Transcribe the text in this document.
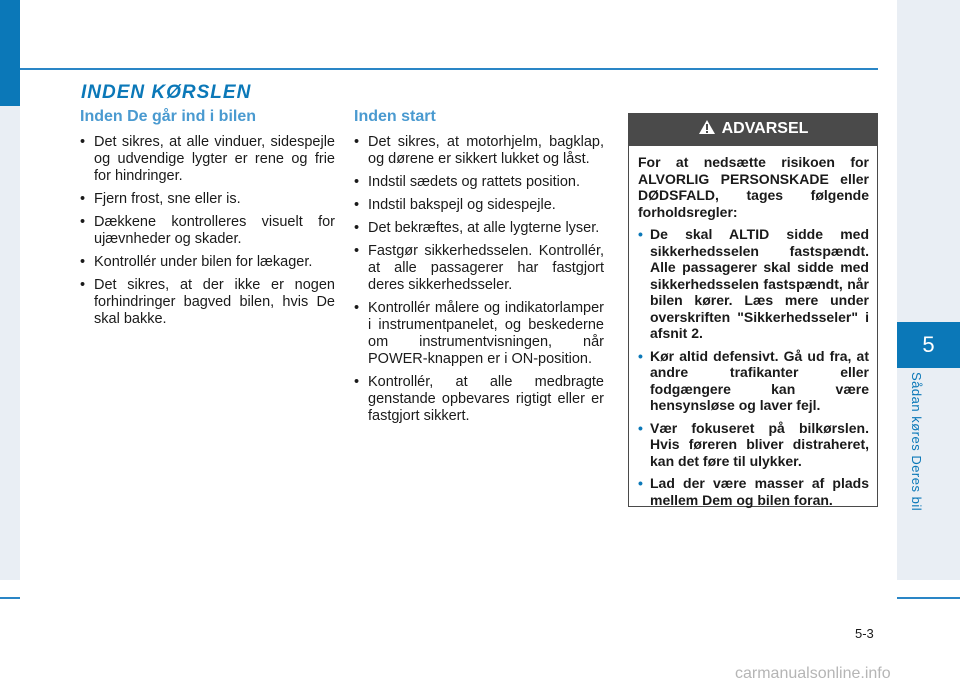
5
Sådan køres Deres bil
INDEN KØRSLEN
Inden De går ind i bilen
• Det sikres, at alle vinduer, sidespejle og udvendige lygter er rene og frie for hindringer.
• Fjern frost, sne eller is.
• Dækkene kontrolleres visuelt for ujævnheder og skader.
• Kontrollér under bilen for lækager.
• Det sikres, at der ikke er nogen forhindringer bagved bilen, hvis De skal bakke.
Inden start
• Det sikres, at motorhjelm, bagklap, og dørene er sikkert lukket og låst.
• Indstil sædets og rattets position.
• Indstil bakspejl og sidespejle.
• Det bekræftes, at alle lygterne lyser.
• Fastgør sikkerhedsselen. Kontrollér, at alle passagerer har fastgjort deres sikkerhedsseler.
• Kontrollér målere og indikatorlamper i instrumentpanelet, og beskederne om instrumentvisningen, når POWER-knappen er i ON-position.
• Kontrollér, at alle medbragte genstande opbevares rigtigt eller er fastgjort sikkert.
ADVARSEL

For at nedsætte risikoen for ALVORLIG PERSONSKADE eller DØDSFALD, tages følgende forholdsregler:

• De skal ALTID sidde med sikkerhedsselen fastspændt. Alle passagerer skal sidde med sikkerhedsselen fastspændt, når bilen kører. Læs mere under overskriften "Sikkerhedsseler" i afsnit 2.
• Kør altid defensivt. Gå ud fra, at andre trafikanter eller fodgængere kan være hensynsløse og laver fejl.
• Vær fokuseret på bilkørslen. Hvis føreren bliver distraheret, kan det føre til ulykker.
• Lad der være masser af plads mellem Dem og bilen foran.
5-3
carmanualsonline.info
